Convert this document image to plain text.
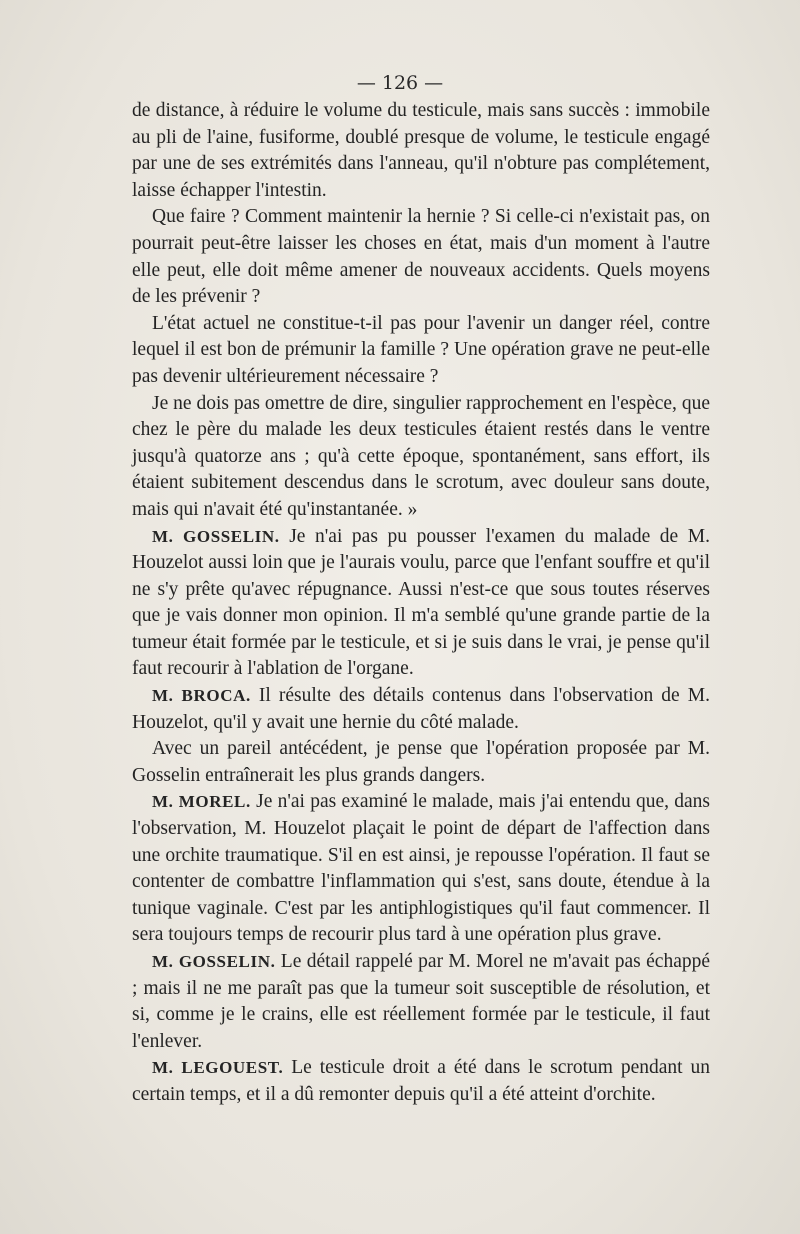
— 126 —

de distance, à réduire le volume du testicule, mais sans succès : immobile au pli de l'aine, fusiforme, doublé presque de volume, le testicule engagé par une de ses extrémités dans l'anneau, qu'il n'obture pas complétement, laisse échapper l'intestin.

Que faire ? Comment maintenir la hernie ? Si celle-ci n'existait pas, on pourrait peut-être laisser les choses en état, mais d'un moment à l'autre elle peut, elle doit même amener de nouveaux accidents. Quels moyens de les prévenir ?

L'état actuel ne constitue-t-il pas pour l'avenir un danger réel, contre lequel il est bon de prémunir la famille ? Une opération grave ne peut-elle pas devenir ultérieurement nécessaire ?

Je ne dois pas omettre de dire, singulier rapprochement en l'espèce, que chez le père du malade les deux testicules étaient restés dans le ventre jusqu'à quatorze ans ; qu'à cette époque, spontanément, sans effort, ils étaient subitement descendus dans le scrotum, avec douleur sans doute, mais qui n'avait été qu'instantanée. »

M. GOSSELIN. Je n'ai pas pu pousser l'examen du malade de M. Houzelot aussi loin que je l'aurais voulu, parce que l'enfant souffre et qu'il ne s'y prête qu'avec répugnance. Aussi n'est-ce que sous toutes réserves que je vais donner mon opinion. Il m'a semblé qu'une grande partie de la tumeur était formée par le testicule, et si je suis dans le vrai, je pense qu'il faut recourir à l'ablation de l'organe.

M. BROCA. Il résulte des détails contenus dans l'observation de M. Houzelot, qu'il y avait une hernie du côté malade.

Avec un pareil antécédent, je pense que l'opération proposée par M. Gosselin entraînerait les plus grands dangers.

M. MOREL. Je n'ai pas examiné le malade, mais j'ai entendu que, dans l'observation, M. Houzelot plaçait le point de départ de l'affection dans une orchite traumatique. S'il en est ainsi, je repousse l'opération. Il faut se contenter de combattre l'inflammation qui s'est, sans doute, étendue à la tunique vaginale. C'est par les antiphlogistiques qu'il faut commencer. Il sera toujours temps de recourir plus tard à une opération plus grave.

M. GOSSELIN. Le détail rappelé par M. Morel ne m'avait pas échappé ; mais il ne me paraît pas que la tumeur soit susceptible de résolution, et si, comme je le crains, elle est réellement formée par le testicule, il faut l'enlever.

M. LEGOUEST. Le testicule droit a été dans le scrotum pendant un certain temps, et il a dû remonter depuis qu'il a été atteint d'orchite.
